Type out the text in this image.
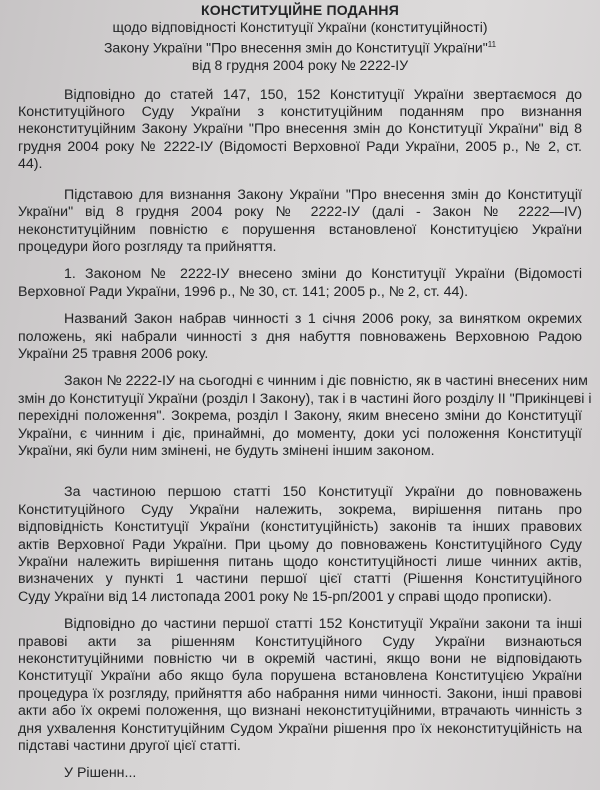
КОНСТИТУЦІЙНЕ ПОДАННЯ
щодо відповідності Конституції України (конституційності)
Закону України "Про внесення змін до Конституції України"$^{11}$
від 8 грудня 2004 року № 2222-ІУ
Відповідно до статей 147, 150, 152 Конституції України звертаємося до
Конституційного Суду України з конституційним поданням про визнання
неконституційним Закону України "Про внесення змін до Конституції України" від 8
грудня 2004 року № 2222-ІУ (Відомості Верховної Ради України, 2005 р., № 2, ст.
44).
Підставою для визнання Закону України "Про внесення змін до Конституції
України" від 8 грудня 2004 року № 2222-ІУ (далі - Закон № 2222—IV)
неконституційним повністю є порушення встановленої Конституцією України
процедури його розгляду та прийняття.
1. Законом № 2222-ІУ внесено зміни до Конституції України (Відомості
Верховної Ради України, 1996 р., № 30, ст. 141; 2005 р., № 2, ст. 44).
Названий Закон набрав чинності з 1 січня 2006 року, за винятком окремих
положень, які набрали чинності з дня набуття повноважень Верховною Радою
України 25 травня 2006 року.
Закон № 2222-ІУ на сьогодні є чинним і діє повністю, як в частині внесених ним
змін до Конституції України (розділ І Закону), так і в частині його розділу II "Прикінцеві і
перехідні положення". Зокрема, розділ І Закону, яким внесено зміни до Конституції
України, є чинним і діє, принаймні, до моменту, доки усі положення Конституції
України, які були ним змінені, не будуть змінені іншим законом.
За частиною першою статті 150 Конституції України до повноважень
Конституційного Суду України належить, зокрема, вирішення питань про
відповідність Конституції України (конституційність) законів та інших правових
актів Верховної Ради України. При цьому до повноважень Конституційного Суду
України належить вирішення питань щодо конституційності лише чинних актів,
визначених у пункті 1 частини першої цієї статті (Рішення Конституційного
Суду України від 14 листопада 2001 року № 15-рп/2001 у справі щодо прописки).
Відповідно до частини першої статті 152 Конституції України закони та інші
правові акти за рішенням Конституційного Суду України визнаються
неконституційними повністю чи в окремій частині, якщо вони не відповідають
Конституції України або якщо була порушена встановлена Конституцією України
процедура їх розгляду, прийняття або набрання ними чинності. Закони, інші правові
акти або їх окремі положення, що визнані неконституційними, втрачають чинність з
дня ухвалення Конституційним Судом України рішення про їх неконституційність на
підставі частини другої цієї статті.
У Рішенн...
